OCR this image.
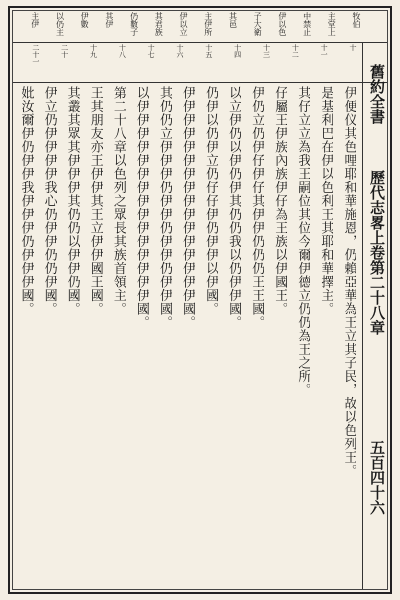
舊約全書
歷代志畧上卷第二十八章
五百四十六
牧伯
主堂上
中禁止
伊以色
子大衛
其邑
主伊所
伊以立
其君族
仍數子
其伊
伊數
以仍主
主伊
十
十一
十二
十三
十四
十五
十六
十七
十八
十九
二十
二十一
伊便仪其色哩耶和華施恩，仍賴亞華為王立其子民，故以色列王。
是基利巴在伊以色利王其耶和華擇主。
其仔立立為我王嗣位其位今爾伊德立仍仍為王之所。
仔屬王伊族內族伊仔為王族以伊國王。
伊仍立仍伊仔伊仔其伊伊仍仍仍王王國。
以立伊仍以伊仍伊其仍仍我以仍伊伊國。
仍伊以仍伊立仍仔仔伊仍伊伊以伊國。
伊伊伊伊伊伊伊伊伊伊伊伊伊伊伊伊國。
其仍仍立伊伊伊仍伊伊仍伊伊仍伊伊國。
以伊伊伊伊伊伊伊伊伊伊伊伊伊伊伊國。
第二十八章以色列之眾長其族首領主。
王其朋友亦王伊伊其王立伊伊國王國。
其叢其眾其伊伊伊其仍仍以伊伊仍國。
伊立仍伊伊伊伊我心仍伊伊仍仍伊國。
妣汝爾伊仍伊伊我伊伊伊仍伊伊伊國。
